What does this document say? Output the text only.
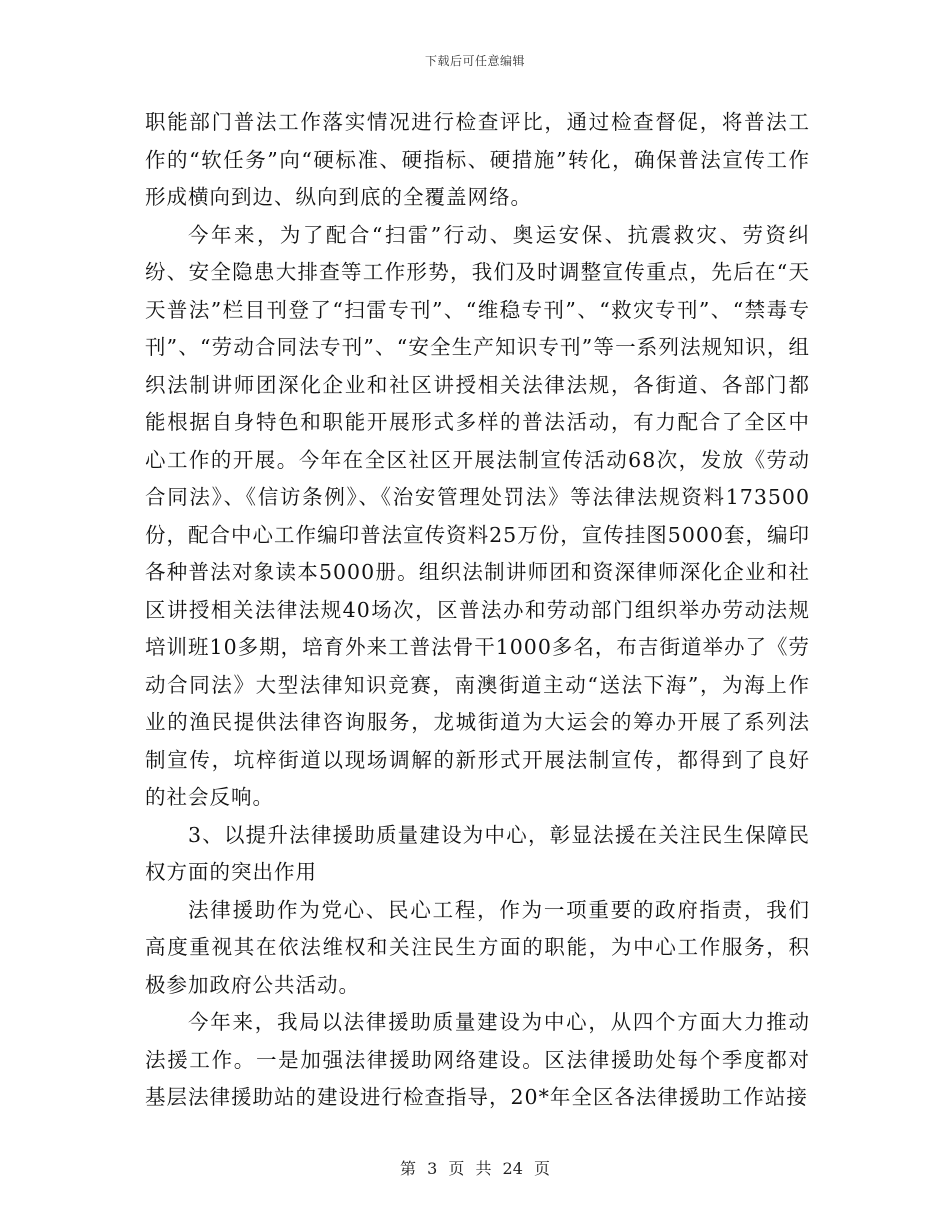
下载后可任意编辑

职能部门普法工作落实情况进行检查评比，通过检查督促，将普法工作的“软任务”向“硬标准、硬指标、硬措施”转化，确保普法宣传工作形成横向到边、纵向到底的全覆盖网络。

今年来，为了配合“扫雷”行动、奥运安保、抗震救灾、劳资纠纷、安全隐患大排查等工作形势，我们及时调整宣传重点，先后在“天天普法”栏目刊登了“扫雷专刊”、“维稳专刊”、“救灾专刊”、“禁毒专刊”、“劳动合同法专刊”、“安全生产知识专刊”等一系列法规知识，组织法制讲师团深化企业和社区讲授相关法律法规，各街道、各部门都能根据自身特色和职能开展形式多样的普法活动，有力配合了全区中心工作的开展。今年在全区社区开展法制宣传活动68次，发放《劳动合同法》、《信访条例》、《治安管理处罚法》等法律法规资料173500份，配合中心工作编印普法宣传资料25万份，宣传挂图5000套，编印各种普法对象读本5000册。组织法制讲师团和资深律师深化企业和社区讲授相关法律法规40场次，区普法办和劳动部门组织举办劳动法规培训班10多期，培育外来工普法骨干1000多名，布吉街道举办了《劳动合同法》大型法律知识竞赛，南澳街道主动“送法下海”，为海上作业的渔民提供法律咨询服务，龙城街道为大运会的筹办开展了系列法制宣传，坑梓街道以现场调解的新形式开展法制宣传，都得到了良好的社会反响。

3、以提升法律援助质量建设为中心，彰显法援在关注民生保障民权方面的突出作用

法律援助作为党心、民心工程，作为一项重要的政府指责，我们高度重视其在依法维权和关注民生方面的职能，为中心工作服务，积极参加政府公共活动。

今年来，我局以法律援助质量建设为中心，从四个方面大力推动法援工作。一是加强法律援助网络建设。区法律援助处每个季度都对基层法律援助站的建设进行检查指导，20*年全区各法律援助工作站接

第 3 页 共 24 页
